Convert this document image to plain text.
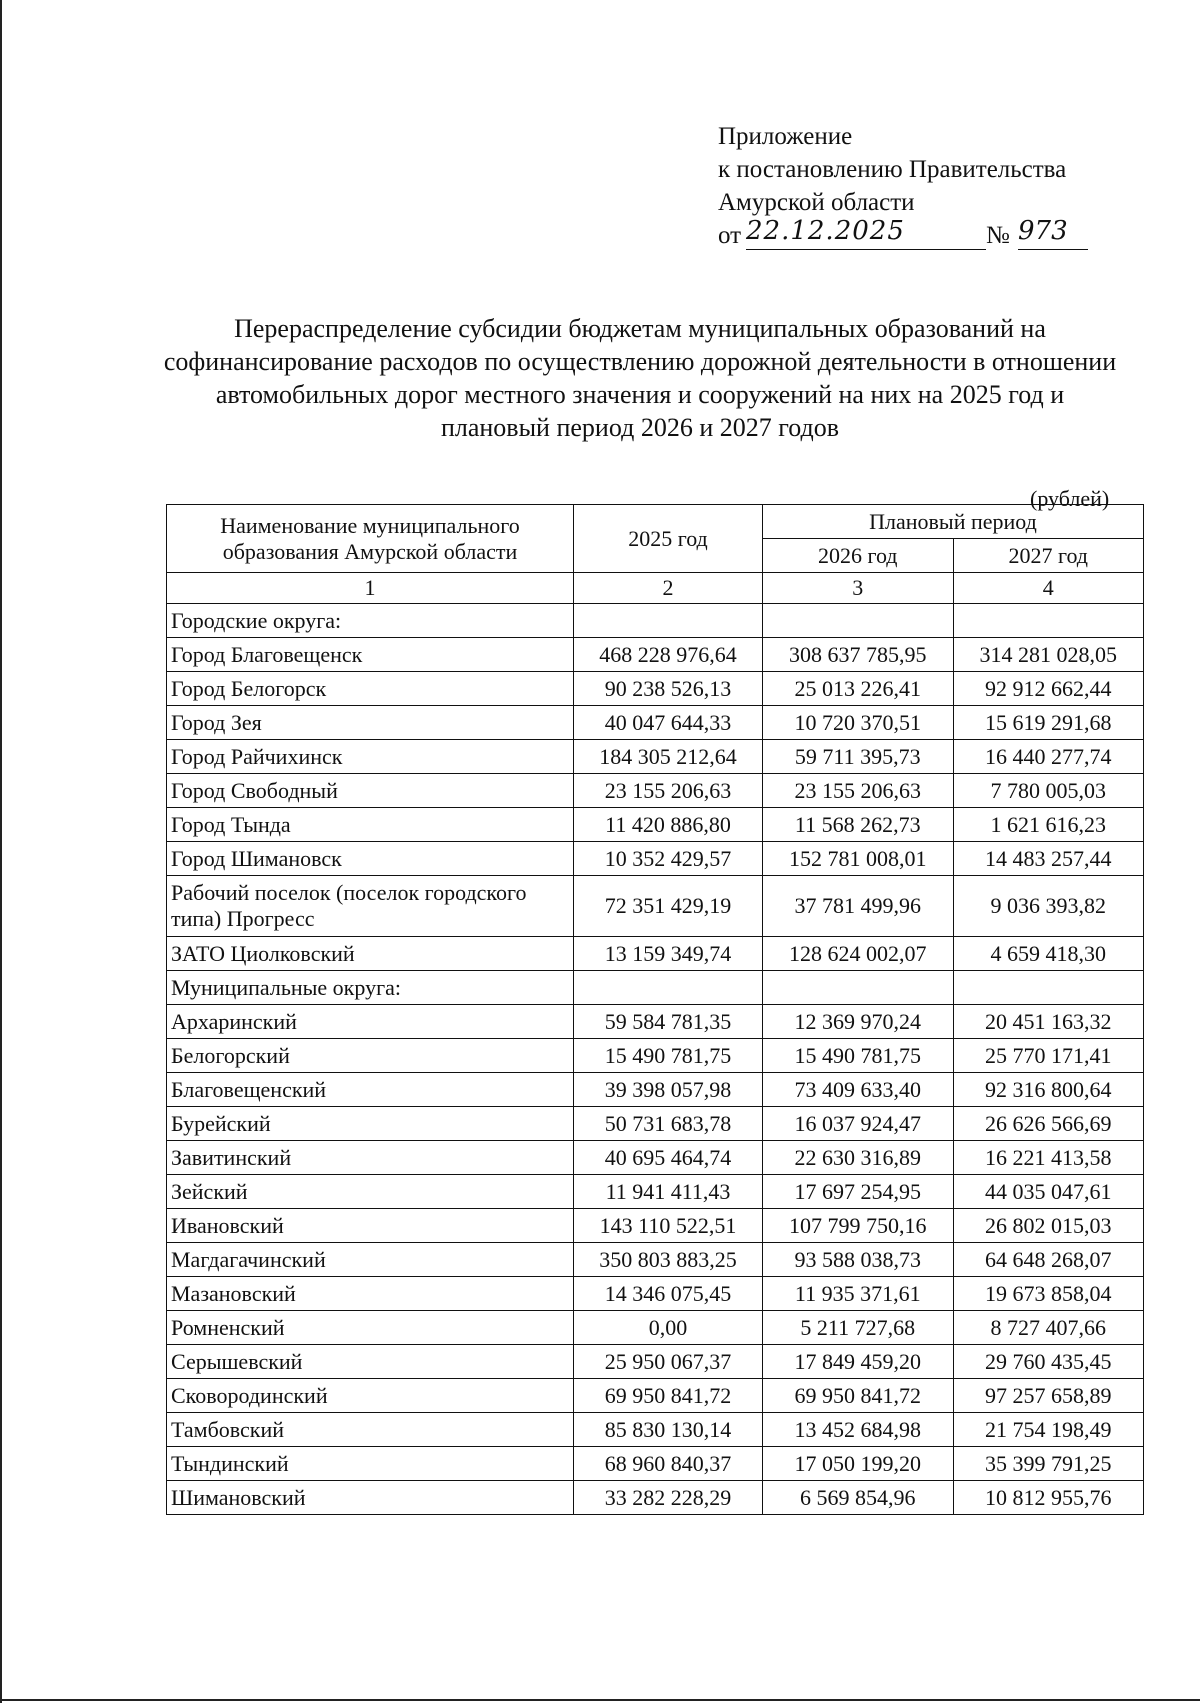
Приложение
к постановлению Правительства
Амурской области
от 22.12.2025	№ 973
Перераспределение субсидии бюджетам муниципальных образований на софинансирование расходов по осуществлению дорожной деятельности в отношении автомобильных дорог местного значения и сооружений на них на 2025 год и плановый период 2026 и 2027 годов
(рублей)
Наименование муниципального образования Амурской области	2025 год	Плановый период	
		2026 год	2027 год
1	2	3	4
Городские округа:			
Город Благовещенск	468 228 976,64	308 637 785,95	314 281 028,05
Город Белогорск	90 238 526,13	25 013 226,41	92 912 662,44
Город Зея	40 047 644,33	10 720 370,51	15 619 291,68
Город Райчихинск	184 305 212,64	59 711 395,73	16 440 277,74
Город Свободный	23 155 206,63	23 155 206,63	7 780 005,03
Город Тында	11 420 886,80	11 568 262,73	1 621 616,23
Город Шимановск	10 352 429,57	152 781 008,01	14 483 257,44
Рабочий поселок (поселок городского типа) Прогресс	72 351 429,19	37 781 499,96	9 036 393,82
ЗАТО Циолковский	13 159 349,74	128 624 002,07	4 659 418,30
Муниципальные округа:			
Архаринский	59 584 781,35	12 369 970,24	20 451 163,32
Белогорский	15 490 781,75	15 490 781,75	25 770 171,41
Благовещенский	39 398 057,98	73 409 633,40	92 316 800,64
Бурейский	50 731 683,78	16 037 924,47	26 626 566,69
Завитинский	40 695 464,74	22 630 316,89	16 221 413,58
Зейский	11 941 411,43	17 697 254,95	44 035 047,61
Ивановский	143 110 522,51	107 799 750,16	26 802 015,03
Магдагачинский	350 803 883,25	93 588 038,73	64 648 268,07
Мазановский	14 346 075,45	11 935 371,61	19 673 858,04
Ромненский	0,00	5 211 727,68	8 727 407,66
Серышевский	25 950 067,37	17 849 459,20	29 760 435,45
Сковородинский	69 950 841,72	69 950 841,72	97 257 658,89
Тамбовский	85 830 130,14	13 452 684,98	21 754 198,49
Тындинский	68 960 840,37	17 050 199,20	35 399 791,25
Шимановский	33 282 228,29	6 569 854,96	10 812 955,76
